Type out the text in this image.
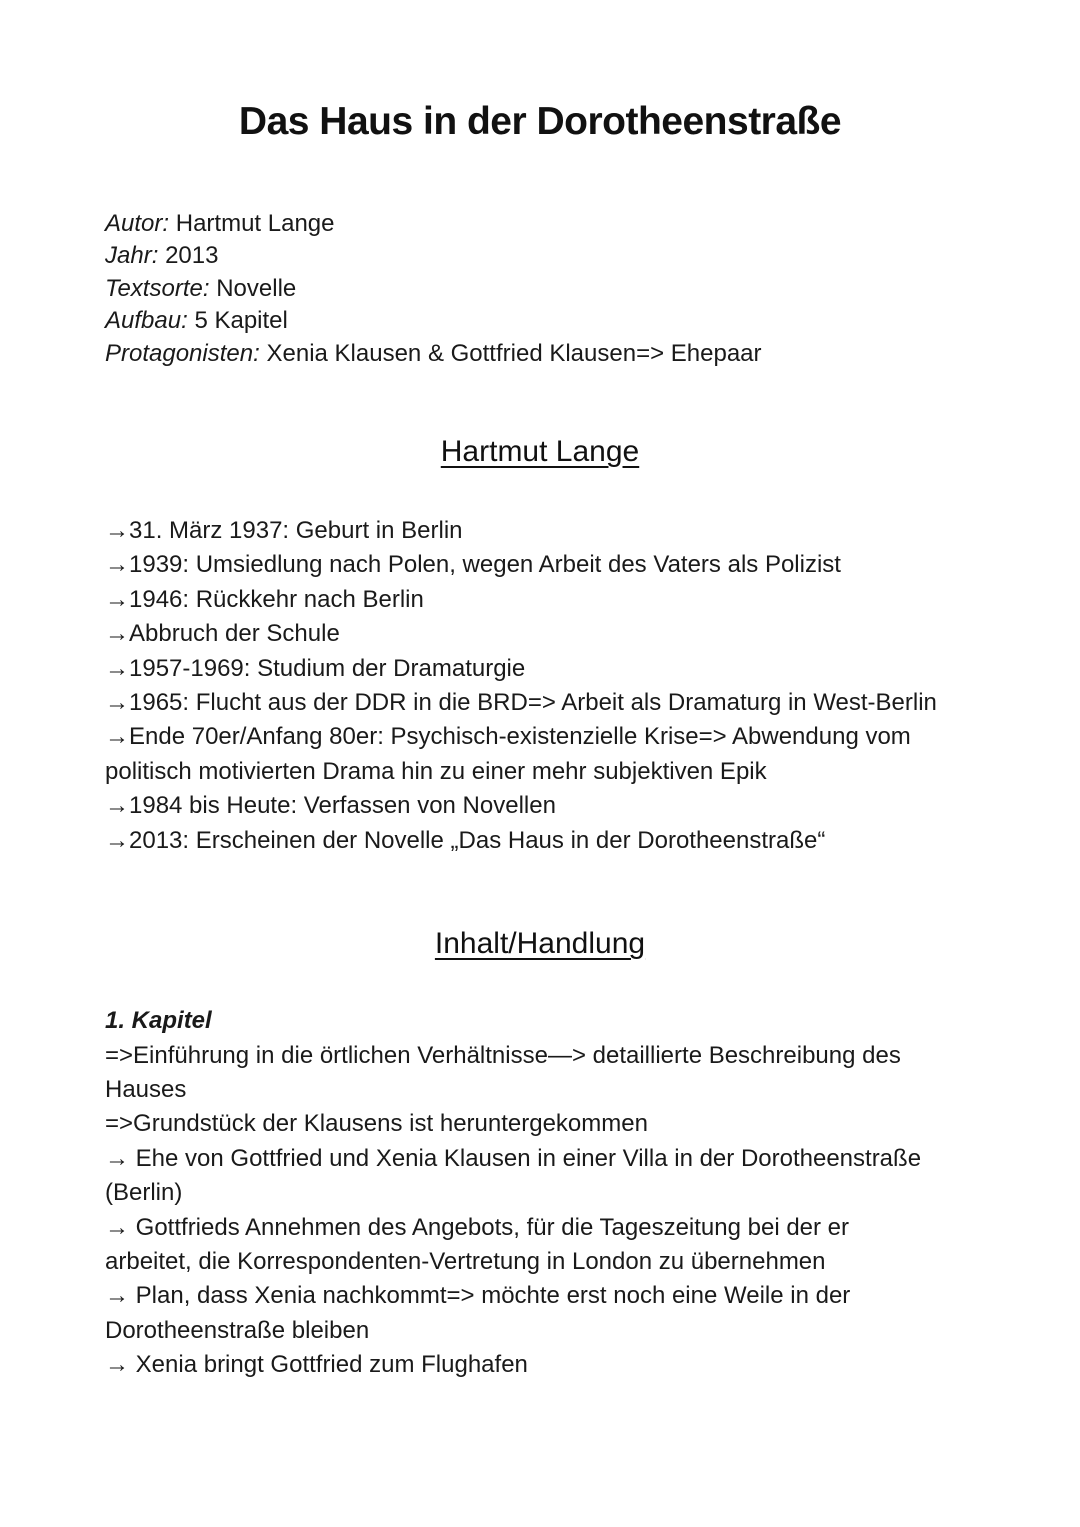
Das Haus in der Dorotheenstraße
Autor: Hartmut Lange
Jahr: 2013
Textsorte: Novelle
Aufbau: 5 Kapitel
Protagonisten: Xenia Klausen & Gottfried Klausen=> Ehepaar
Hartmut Lange

→31. März 1937: Geburt in Berlin

→1939: Umsiedlung nach Polen, wegen Arbeit des Vaters als Polizist

→1946: Rückkehr nach Berlin

→Abbruch der Schule

→1957-1969: Studium der Dramaturgie

→1965: Flucht aus der DDR in die BRD=> Arbeit als Dramaturg in West-Berlin

→Ende 70er/Anfang 80er: Psychisch-existenzielle Krise=> Abwendung vom politisch motivierten Drama hin zu einer mehr subjektiven Epik

→1984 bis Heute: Verfassen von Novellen

→2013: Erscheinen der Novelle „Das Haus in der Dorotheenstraße“

Inhalt/Handlung

1. Kapitel

=>Einführung in die örtlichen Verhältnisse—> detaillierte Beschreibung des Hauses

=>Grundstück der Klausens ist heruntergekommen

→ Ehe von Gottfried und Xenia Klausen in einer Villa in der Dorotheenstraße (Berlin)

→ Gottfrieds Annehmen des Angebots, für die Tageszeitung bei der er arbeitet, die Korrespondenten-Vertretung in London zu übernehmen

→ Plan, dass Xenia nachkommt=> möchte erst noch eine Weile in der Dorotheenstraße bleiben

→ Xenia bringt Gottfried zum Flughafen
